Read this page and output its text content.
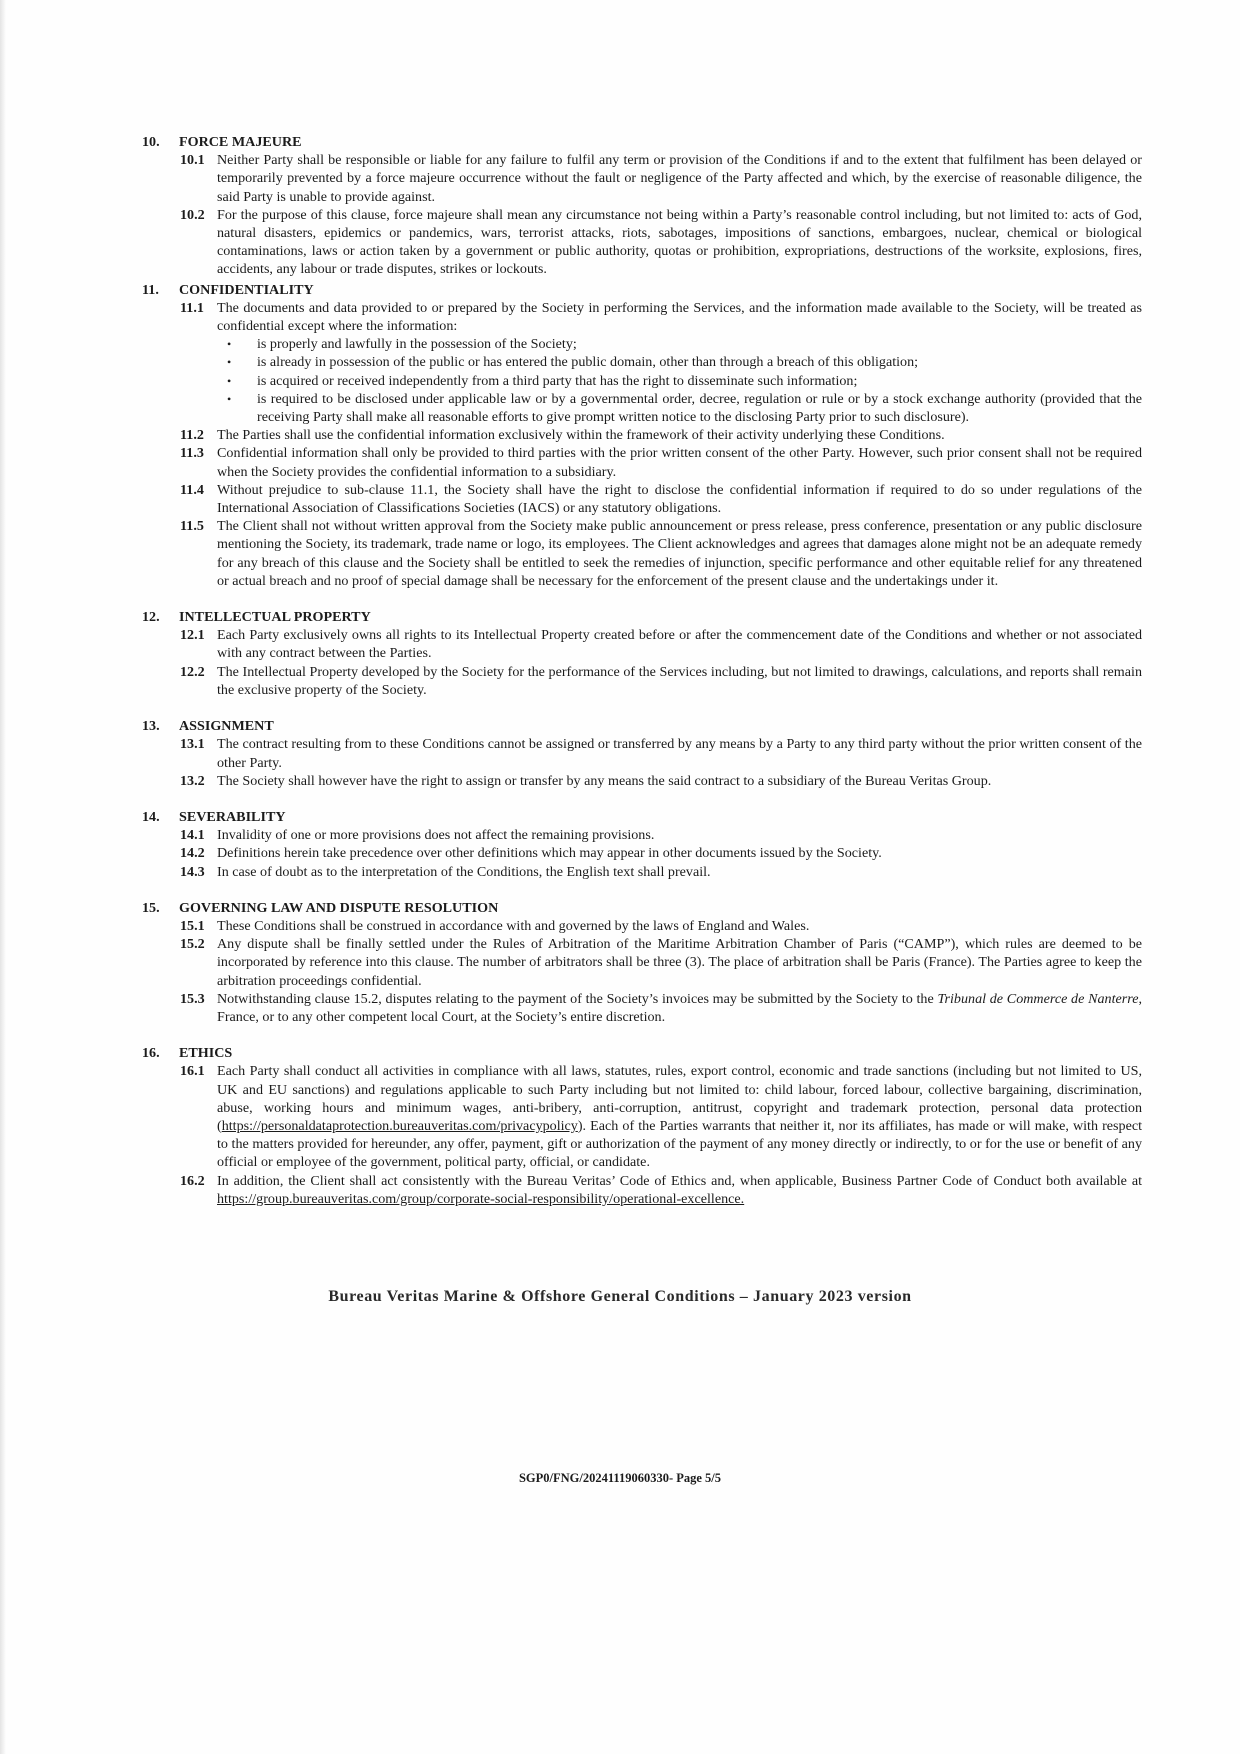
10. FORCE MAJEURE

10.1 Neither Party shall be responsible or liable for any failure to fulfil any term or provision of the Conditions if and to the extent that fulfilment has been delayed or temporarily prevented by a force majeure occurrence without the fault or negligence of the Party affected and which, by the exercise of reasonable diligence, the said Party is unable to provide against.
10.2 For the purpose of this clause, force majeure shall mean any circumstance not being within a Party’s reasonable control including, but not limited to: acts of God, natural disasters, epidemics or pandemics, wars, terrorist attacks, riots, sabotages, impositions of sanctions, embargoes, nuclear, chemical or biological contaminations, laws or action taken by a government or public authority, quotas or prohibition, expropriations, destructions of the worksite, explosions, fires, accidents, any labour or trade disputes, strikes or lockouts.

11. CONFIDENTIALITY

11.1 The documents and data provided to or prepared by the Society in performing the Services, and the information made available to the Society, will be treated as confidential except where the information:
• is properly and lawfully in the possession of the Society;
• is already in possession of the public or has entered the public domain, other than through a breach of this obligation;
• is acquired or received independently from a third party that has the right to disseminate such information;
• is required to be disclosed under applicable law or by a governmental order, decree, regulation or rule or by a stock exchange authority (provided that the receiving Party shall make all reasonable efforts to give prompt written notice to the disclosing Party prior to such disclosure).
11.2 The Parties shall use the confidential information exclusively within the framework of their activity underlying these Conditions.
11.3 Confidential information shall only be provided to third parties with the prior written consent of the other Party. However, such prior consent shall not be required when the Society provides the confidential information to a subsidiary.
11.4 Without prejudice to sub-clause 11.1, the Society shall have the right to disclose the confidential information if required to do so under regulations of the International Association of Classifications Societies (IACS) or any statutory obligations.
11.5 The Client shall not without written approval from the Society make public announcement or press release, press conference, presentation or any public disclosure mentioning the Society, its trademark, trade name or logo, its employees. The Client acknowledges and agrees that damages alone might not be an adequate remedy for any breach of this clause and the Society shall be entitled to seek the remedies of injunction, specific performance and other equitable relief for any threatened or actual breach and no proof of special damage shall be necessary for the enforcement of the present clause and the undertakings under it.

12. INTELLECTUAL PROPERTY

12.1 Each Party exclusively owns all rights to its Intellectual Property created before or after the commencement date of the Conditions and whether or not associated with any contract between the Parties.
12.2 The Intellectual Property developed by the Society for the performance of the Services including, but not limited to drawings, calculations, and reports shall remain the exclusive property of the Society.

13. ASSIGNMENT

13.1 The contract resulting from to these Conditions cannot be assigned or transferred by any means by a Party to any third party without the prior written consent of the other Party.
13.2 The Society shall however have the right to assign or transfer by any means the said contract to a subsidiary of the Bureau Veritas Group.

14. SEVERABILITY

14.1 Invalidity of one or more provisions does not affect the remaining provisions.
14.2 Definitions herein take precedence over other definitions which may appear in other documents issued by the Society.
14.3 In case of doubt as to the interpretation of the Conditions, the English text shall prevail.

15. GOVERNING LAW AND DISPUTE RESOLUTION

15.1 These Conditions shall be construed in accordance with and governed by the laws of England and Wales.
15.2 Any dispute shall be finally settled under the Rules of Arbitration of the Maritime Arbitration Chamber of Paris (“CAMP”), which rules are deemed to be incorporated by reference into this clause. The number of arbitrators shall be three (3). The place of arbitration shall be Paris (France). The Parties agree to keep the arbitration proceedings confidential.
15.3 Notwithstanding clause 15.2, disputes relating to the payment of the Society’s invoices may be submitted by the Society to the Tribunal de Commerce de Nanterre, France, or to any other competent local Court, at the Society’s entire discretion.

16. ETHICS

16.1 Each Party shall conduct all activities in compliance with all laws, statutes, rules, export control, economic and trade sanctions (including but not limited to US, UK and EU sanctions) and regulations applicable to such Party including but not limited to: child labour, forced labour, collective bargaining, discrimination, abuse, working hours and minimum wages, anti-bribery, anti-corruption, antitrust, copyright and trademark protection, personal data protection (https://personaldataprotection.bureauveritas.com/privacypolicy). Each of the Parties warrants that neither it, nor its affiliates, has made or will make, with respect to the matters provided for hereunder, any offer, payment, gift or authorization of the payment of any money directly or indirectly, to or for the use or benefit of any official or employee of the government, political party, official, or candidate.
16.2 In addition, the Client shall act consistently with the Bureau Veritas’ Code of Ethics and, when applicable, Business Partner Code of Conduct both available at https://group.bureauveritas.com/group/corporate-social-responsibility/operational-excellence.
Bureau Veritas Marine & Offshore General Conditions – January 2023 version
SGP0/FNG/20241119060330- Page 5/5
